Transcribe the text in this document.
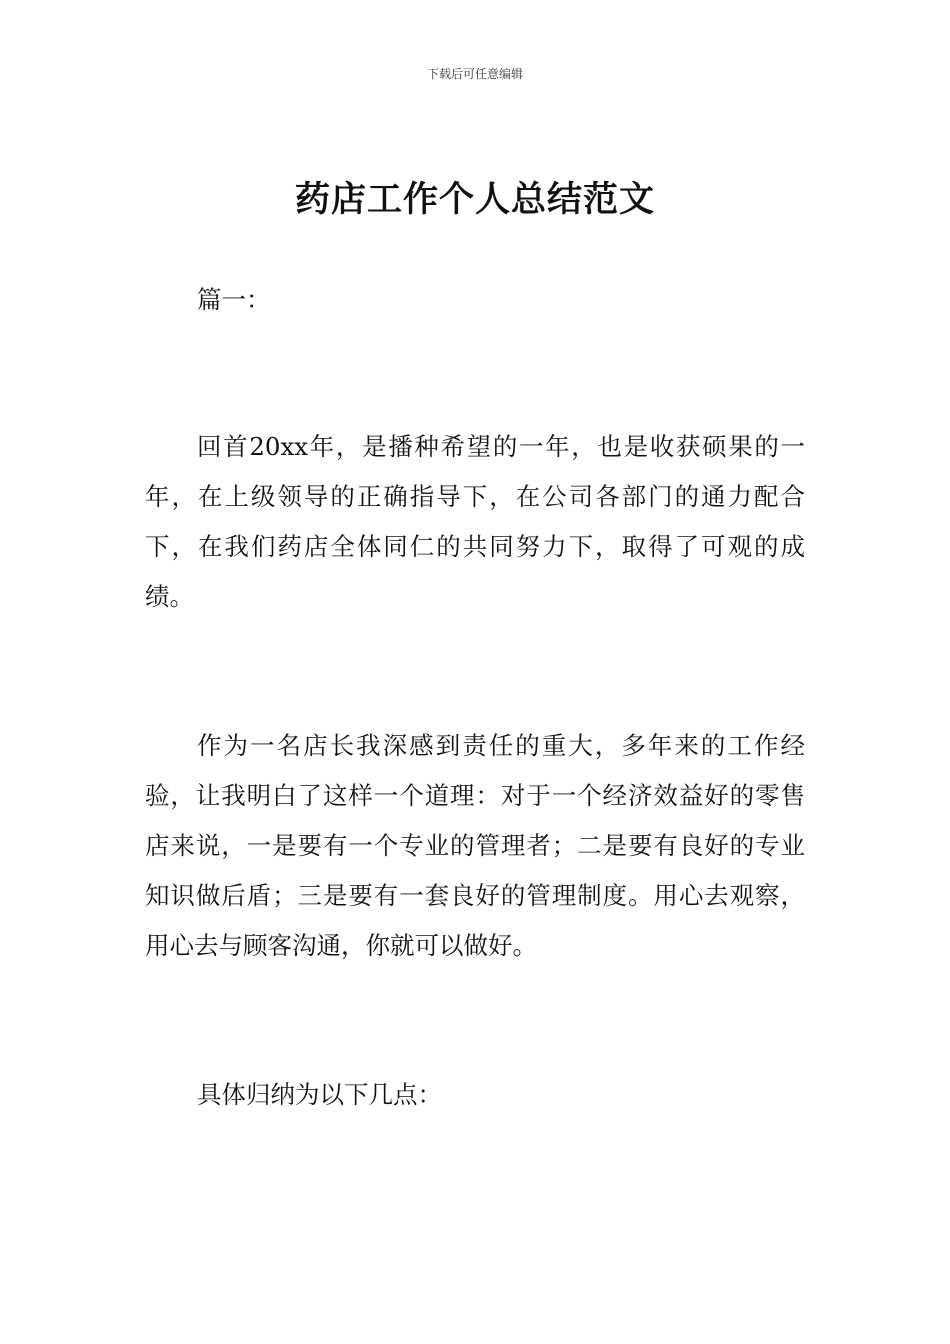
下载后可任意编辑
药店工作个人总结范文

篇一：

回首20xx年，是播种希望的一年，也是收获硕果的一年，在上级领导的正确指导下，在公司各部门的通力配合下，在我们药店全体同仁的共同努力下，取得了可观的成绩。

作为一名店长我深感到责任的重大，多年来的工作经验，让我明白了这样一个道理：对于一个经济效益好的零售店来说，一是要有一个专业的管理者；二是要有良好的专业知识做后盾；三是要有一套良好的管理制度。用心去观察，用心去与顾客沟通，你就可以做好。

具体归纳为以下几点：
